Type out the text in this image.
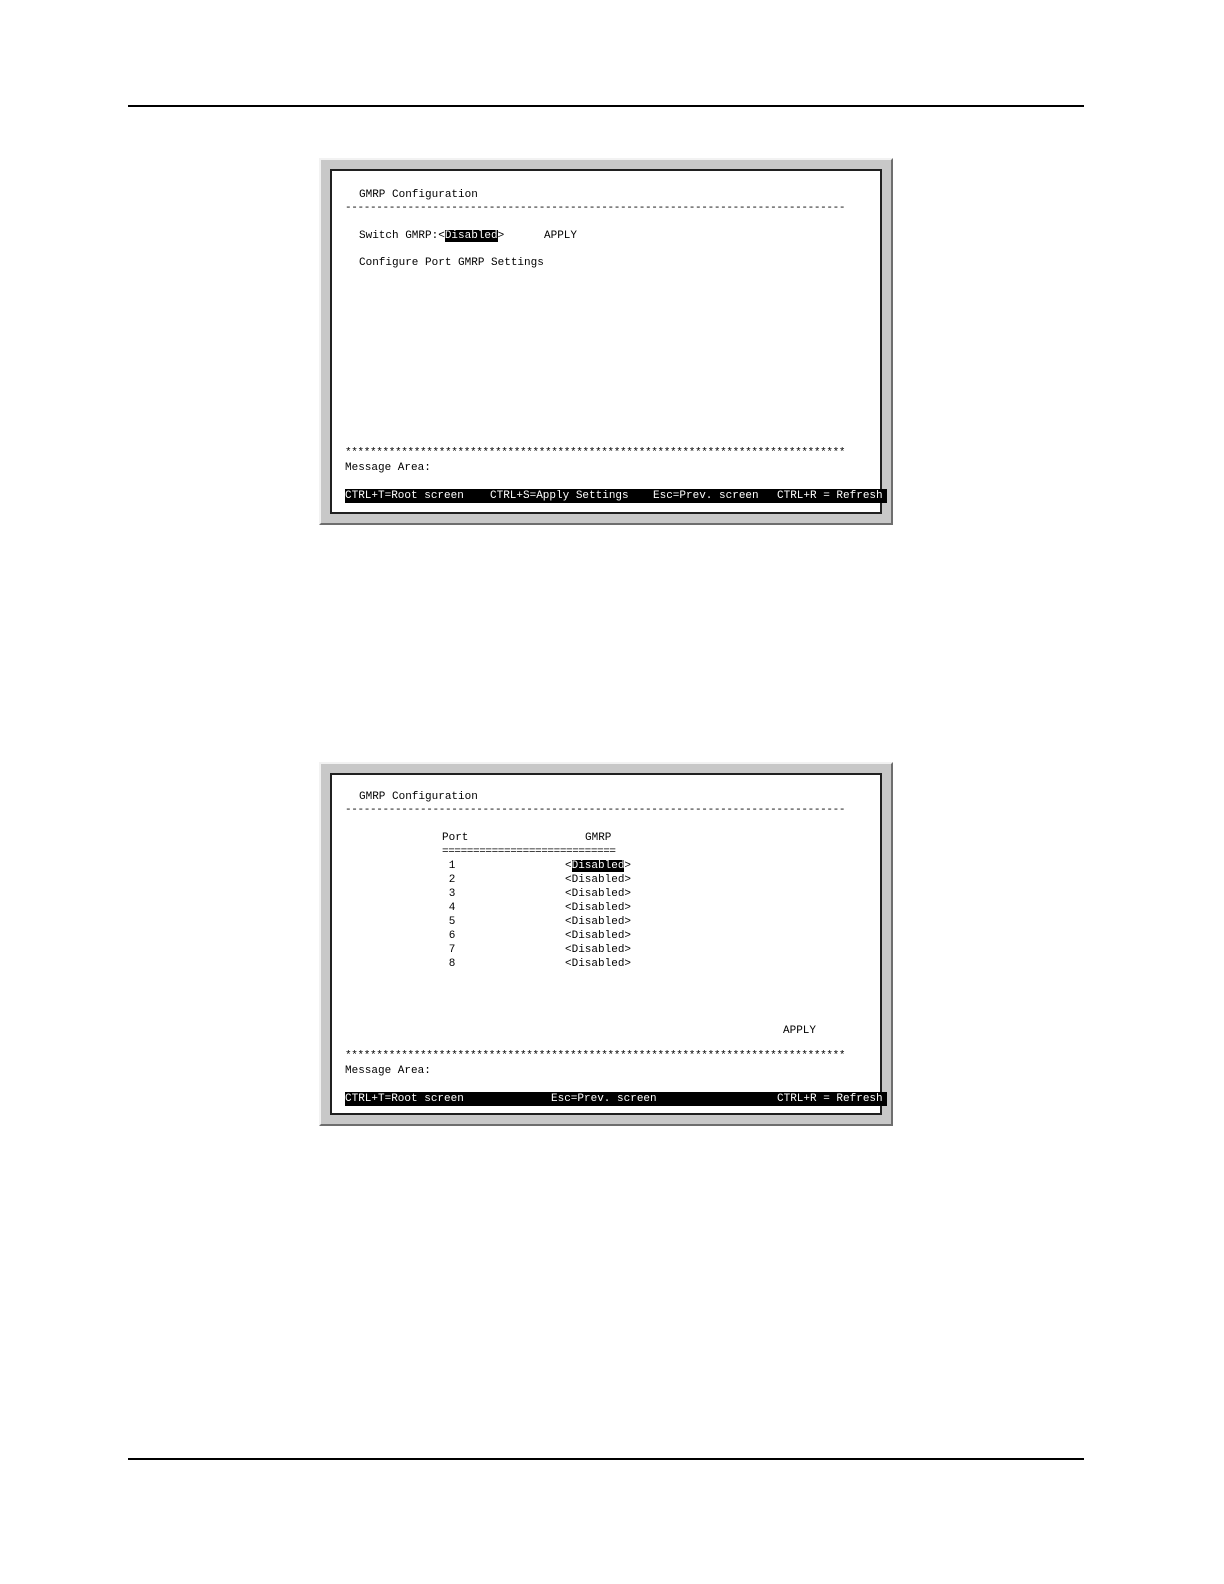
GMRP Configuration
--------------------------------------------------------------------------------
Switch GMRP:<Disabled>	APPLY
Configure Port GMRP Settings
********************************************************************************
Message Area:
CTRL+T=Root screen CTRL+S=Apply Settings Esc=Prev. screen CTRL+R = Refresh
GMRP Configuration
--------------------------------------------------------------------------------
Port	GMRP
============================
1	<Disabled>
2	<Disabled>
3	<Disabled>
4	<Disabled>
5	<Disabled>
6	<Disabled>
7	<Disabled>
8	<Disabled>
APPLY
********************************************************************************
Message Area:
CTRL+T=Root screen	Esc=Prev. screen	CTRL+R = Refresh
